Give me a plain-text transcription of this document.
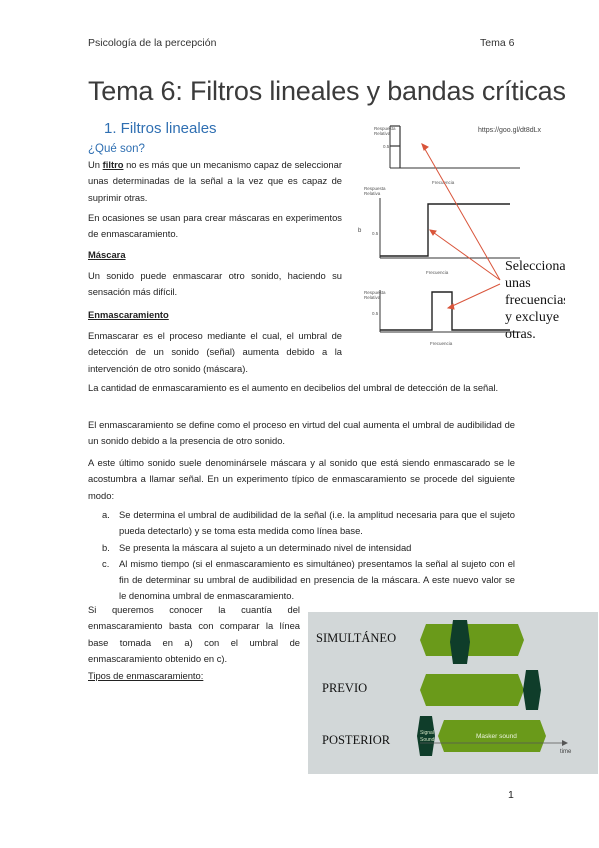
Psicología de la percepción	Tema 6
Tema 6: Filtros lineales y bandas críticas
1. Filtros lineales
¿Qué son?
Un filtro no es más que un mecanismo capaz de seleccionar unas determinadas de la señal a la vez que es capaz de suprimir otras.
En ocasiones se usan para crear máscaras en experimentos de enmascaramiento.
Máscara
Un sonido puede enmascarar otro sonido, haciendo su sensación más difícil.
Enmascaramiento
Enmascarar es el proceso mediante el cual, el umbral de detección de un sonido (señal) aumenta debido a la intervención de otro sonido (máscara).
La cantidad de enmascaramiento es el aumento en decibelios del umbral de detección de la señal.
El enmascaramiento se define como el proceso en virtud del cual aumenta el umbral de audibilidad de un sonido debido a la presencia de otro sonido.
A este último sonido suele denominársele máscara y al sonido que está siendo enmascarado se le acostumbra a llamar señal. En un experimento típico de enmascaramiento se procede del siguiente modo:
a. Se determina el umbral de audibilidad de la señal (i.e. la amplitud necesaria para que el sujeto pueda detectarlo) y se toma esta medida como línea base.
b. Se presenta la máscara al sujeto a un determinado nivel de intensidad
c. Al mismo tiempo (si el enmascaramiento es simultáneo) presentamos la señal al sujeto con el fin de determinar su umbral de audibilidad en presencia de la máscara. A este nuevo valor se le denomina umbral de enmascaramiento.
Si queremos conocer la cuantía del enmascaramiento basta con comparar la línea base tomada en a) con el umbral de enmascaramiento obtenido en c).
Tipos de enmascaramiento:
https://goo.gl/dt8dLx
Respuesta
Relativa
0.5
Frecuencia
Respuesta
Relativa
b 0.5
Frecuencia
Respuesta
Relativa
0.5
Frecuencia
Selecciona
unas
frecuencias
y excluye
otras.
SIMULTÁNEO
PREVIO
POSTERIOR	Signal
Sound	Masker sound
time
1
